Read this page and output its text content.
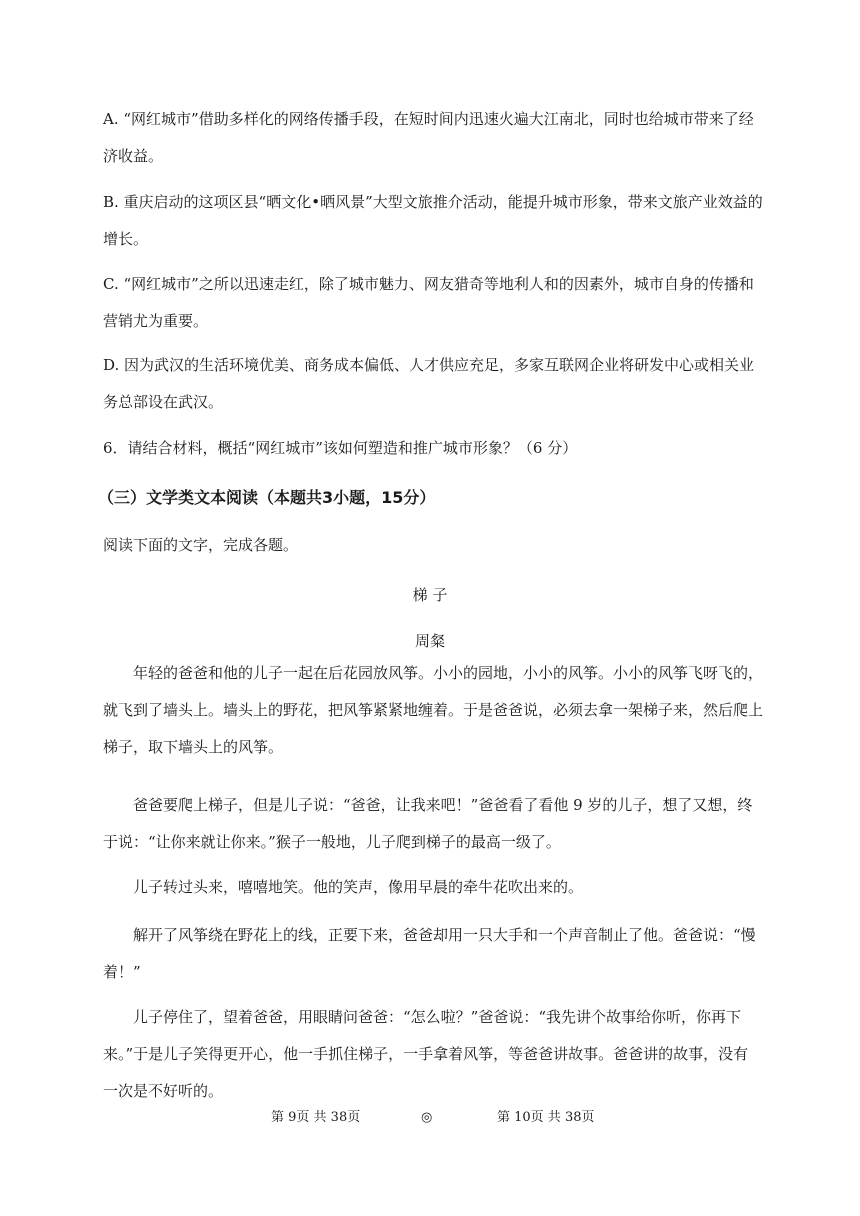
A. “网红城市”借助多样化的网络传播手段，在短时间内迅速火遍大江南北，同时也给城市带来了经济收益。

B. 重庆启动的这项区县“晒文化•晒风景”大型文旅推介活动，能提升城市形象，带来文旅产业效益的增长。

C. “网红城市”之所以迅速走红，除了城市魅力、网友猎奇等地利人和的因素外，城市自身的传播和营销尤为重要。

D. 因为武汉的生活环境优美、商务成本偏低、人才供应充足，多家互联网企业将研发中心或相关业务总部设在武汉。

6．请结合材料，概括“网红城市”该如何塑造和推广城市形象？（6 分）

（三）文学类文本阅读（本题共3小题，15分）

阅读下面的文字，完成各题。

梯 子

周粲

年轻的爸爸和他的儿子一起在后花园放风筝。小小的园地，小小的风筝。小小的风筝飞呀飞的，就飞到了墙头上。墙头上的野花，把风筝紧紧地缠着。于是爸爸说，必须去拿一架梯子来，然后爬上梯子，取下墙头上的风筝。

爸爸要爬上梯子，但是儿子说：“爸爸，让我来吧！”爸爸看了看他 9 岁的儿子，想了又想，终于说：“让你来就让你来。”猴子一般地，儿子爬到梯子的最高一级了。

儿子转过头来，嘻嘻地笑。他的笑声，像用早晨的牵牛花吹出来的。

解开了风筝绕在野花上的线，正要下来，爸爸却用一只大手和一个声音制止了他。爸爸说：“慢着！”

儿子停住了，望着爸爸，用眼睛问爸爸：“怎么啦？”爸爸说：“我先讲个故事给你听，你再下来。”于是儿子笑得更开心，他一手抓住梯子，一手拿着风筝，等爸爸讲故事。爸爸讲的故事，没有一次是不好听的。

第 9页 共 38页	◎	第 10页 共 38页
